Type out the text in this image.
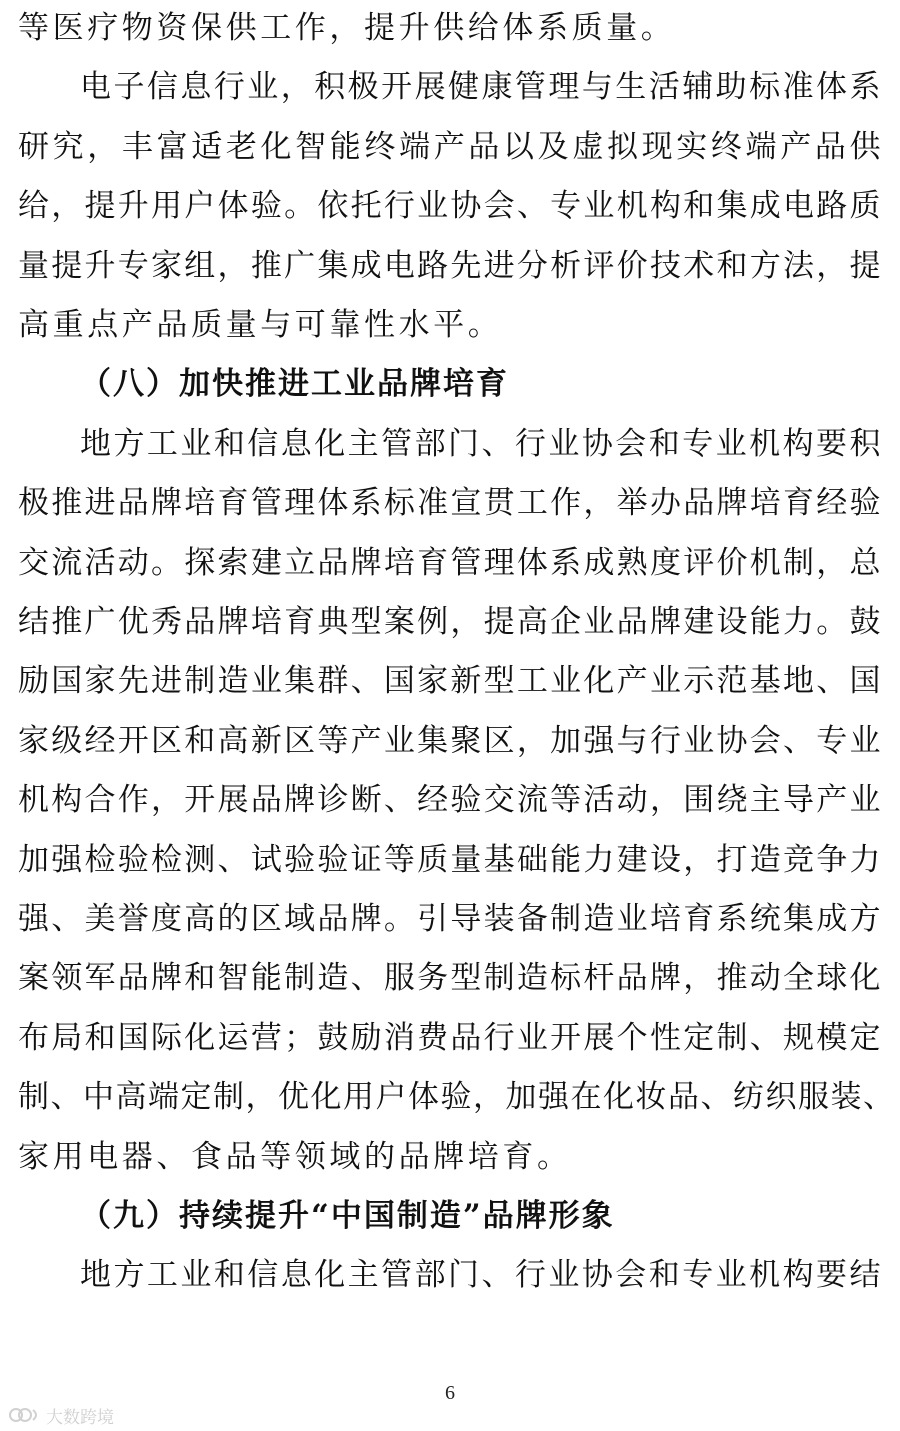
等医疗物资保供工作，提升供给体系质量。
电子信息行业，积极开展健康管理与生活辅助标准体系
研究，丰富适老化智能终端产品以及虚拟现实终端产品供
给，提升用户体验。依托行业协会、专业机构和集成电路质
量提升专家组，推广集成电路先进分析评价技术和方法，提
高重点产品质量与可靠性水平。
（八）加快推进工业品牌培育
地方工业和信息化主管部门、行业协会和专业机构要积
极推进品牌培育管理体系标准宣贯工作，举办品牌培育经验
交流活动。探索建立品牌培育管理体系成熟度评价机制，总
结推广优秀品牌培育典型案例，提高企业品牌建设能力。鼓
励国家先进制造业集群、国家新型工业化产业示范基地、国
家级经开区和高新区等产业集聚区，加强与行业协会、专业
机构合作，开展品牌诊断、经验交流等活动，围绕主导产业
加强检验检测、试验验证等质量基础能力建设，打造竞争力
强、美誉度高的区域品牌。引导装备制造业培育系统集成方
案领军品牌和智能制造、服务型制造标杆品牌，推动全球化
布局和国际化运营；鼓励消费品行业开展个性定制、规模定
制、中高端定制，优化用户体验，加强在化妆品、纺织服装、
家用电器、食品等领域的品牌培育。
（九）持续提升“中国制造”品牌形象
地方工业和信息化主管部门、行业协会和专业机构要结
6
大数跨境
